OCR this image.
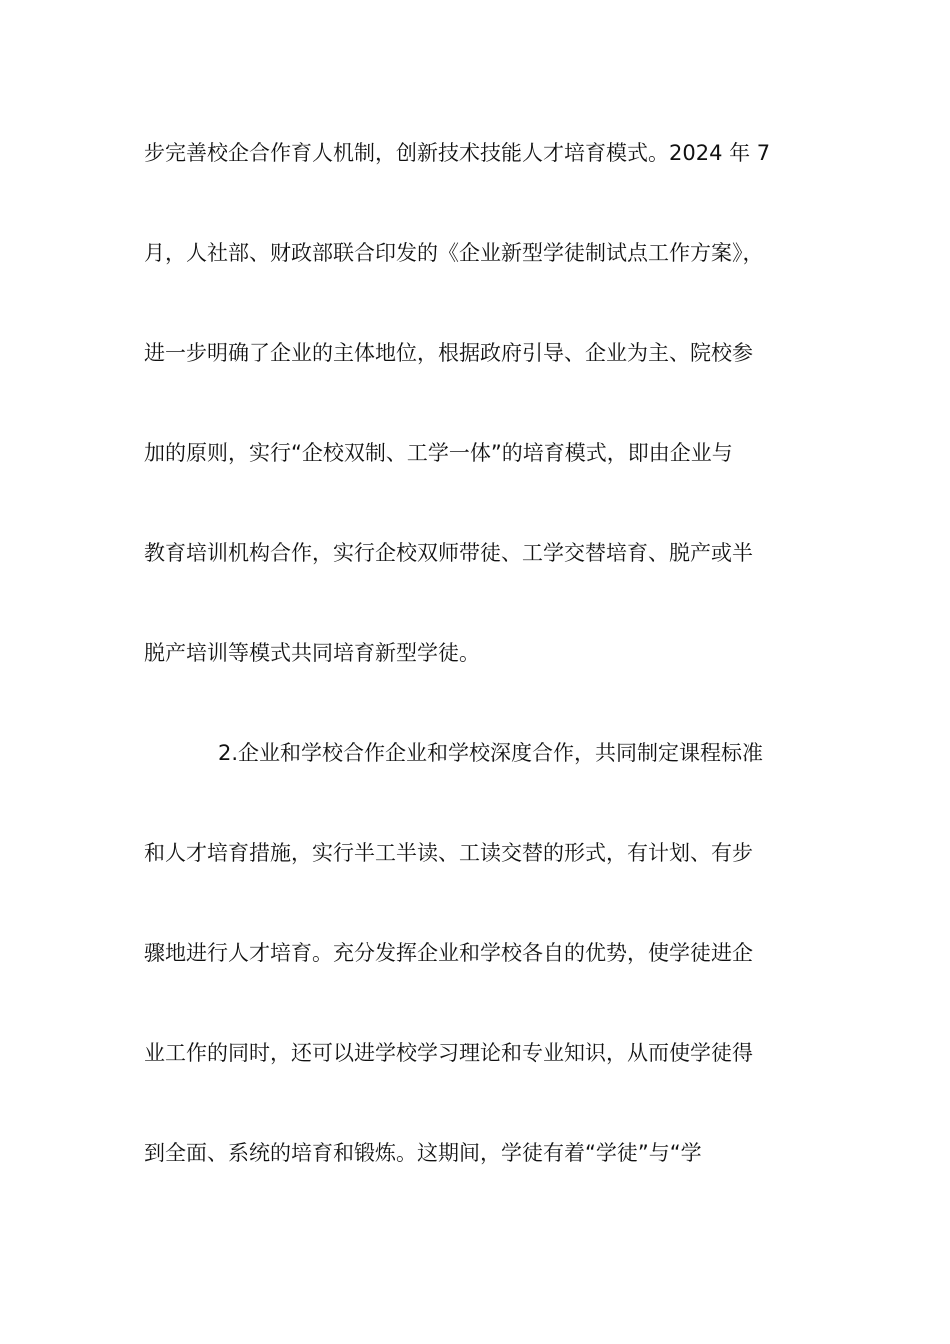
步完善校企合作育人机制，创新技术技能人才培育模式。2024 年 7
月，人社部、财政部联合印发的《企业新型学徒制试点工作方案》，
进一步明确了企业的主体地位，根据政府引导、企业为主、院校参
加的原则，实行“企校双制、工学一体”的培育模式，即由企业与
教育培训机构合作，实行企校双师带徒、工学交替培育、脱产或半
脱产培训等模式共同培育新型学徒。
2.企业和学校合作企业和学校深度合作，共同制定课程标准
和人才培育措施，实行半工半读、工读交替的形式，有计划、有步
骤地进行人才培育。充分发挥企业和学校各自的优势，使学徒进企
业工作的同时，还可以进学校学习理论和专业知识，从而使学徒得
到全面、系统的培育和锻炼。这期间，学徒有着“学徒”与“学
